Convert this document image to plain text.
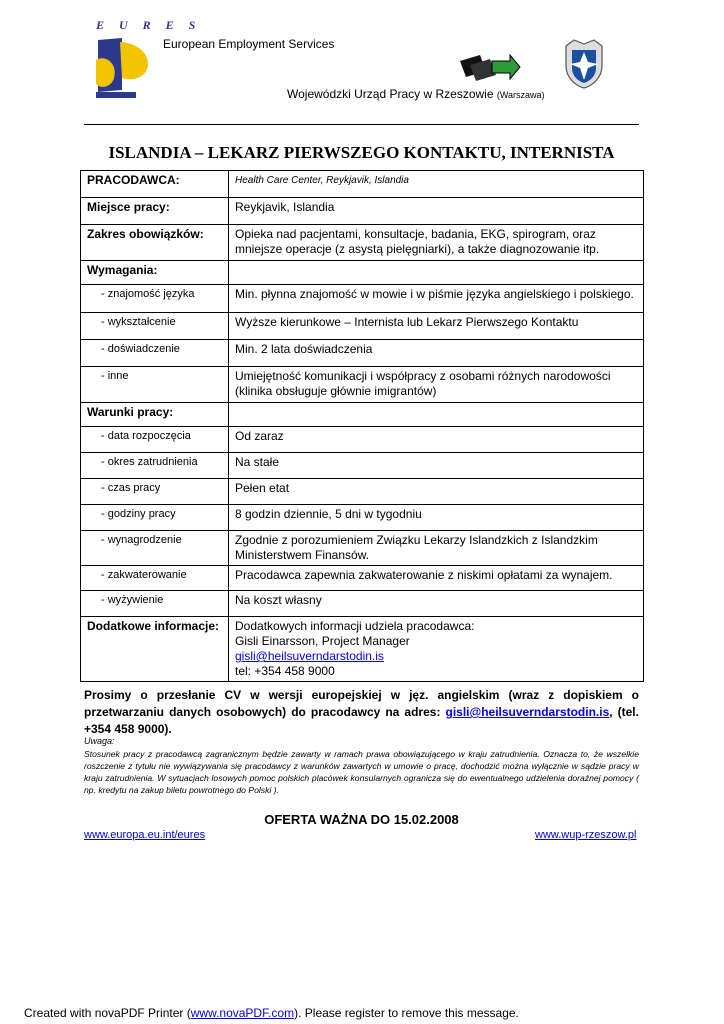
E U R E S
European Employment Services
Wojewódzki Urząd Pracy w Rzeszowie (Warszawa)
ISLANDIA – LEKARZ PIERWSZEGO KONTAKTU, INTERNISTA
PRACODAWCA:	Health Care Center, Reykjavik, Islandia
Miejsce pracy:	Reykjavik, Islandia
Zakres obowiązków:	Opieka nad pacjentami, konsultacje, badania, EKG, spirogram, oraz mniejsze operacje (z asystą pielęgniarki), a także diagnozowanie itp.
Wymagania:	
- znajomość języka	Min. płynna znajomość w mowie i w piśmie języka angielskiego i polskiego.
- wykształcenie	Wyższe kierunkowe – Internista lub Lekarz Pierwszego Kontaktu
- doświadczenie	Min. 2 lata doświadczenia
- inne	Umiejętność komunikacji i współpracy z osobami różnych narodowości (klinika obsługuje głównie imigrantów)
Warunki pracy:	
- data rozpoczęcia	Od zaraz
- okres zatrudnienia	Na stałe
- czas pracy	Pełen etat
- godziny pracy	8 godzin dziennie, 5 dni w tygodniu
- wynagrodzenie	Zgodnie z porozumieniem Związku Lekarzy Islandzkich z Islandzkim Ministerstwem Finansów.
- zakwaterowanie	Pracodawca zapewnia zakwaterowanie z niskimi opłatami za wynajem.
- wyżywienie	Na koszt własny
Dodatkowe informacje:	Dodatkowych informacji udziela pracodawca:
Gisli Einarsson, Project Manager
gisli@heilsuverndarstodin.is
tel: +354 458 9000
Prosimy o przesłanie CV w wersji europejskiej w jęz. angielskim (wraz z dopiskiem o przetwarzaniu danych osobowych) do pracodawcy na adres: gisli@heilsuverndarstodin.is, (tel. +354 458 9000).
Uwaga:
Stosunek pracy z pracodawcą zagranicznym będzie zawarty w ramach prawa obowiązującego w kraju zatrudnienia. Oznacza to, że wszelkie roszczenie z tytułu nie wywiązywania się pracodawcy z warunków zawartych w umowie o pracę, dochodzić można wyłącznie w sądzie pracy w kraju zatrudnienia. W sytuacjach losowych pomoc polskich placówek konsularnych ogranicza się do ewentualnego udzielenia doraźnej pomocy ( np. kredytu na zakup biletu powrotnego do Polski ).
OFERTA WAŻNA DO 15.02.2008
www.europa.eu.int/eures	www.wup-rzeszow.pl
Created with novaPDF Printer (www.novaPDF.com). Please register to remove this message.
